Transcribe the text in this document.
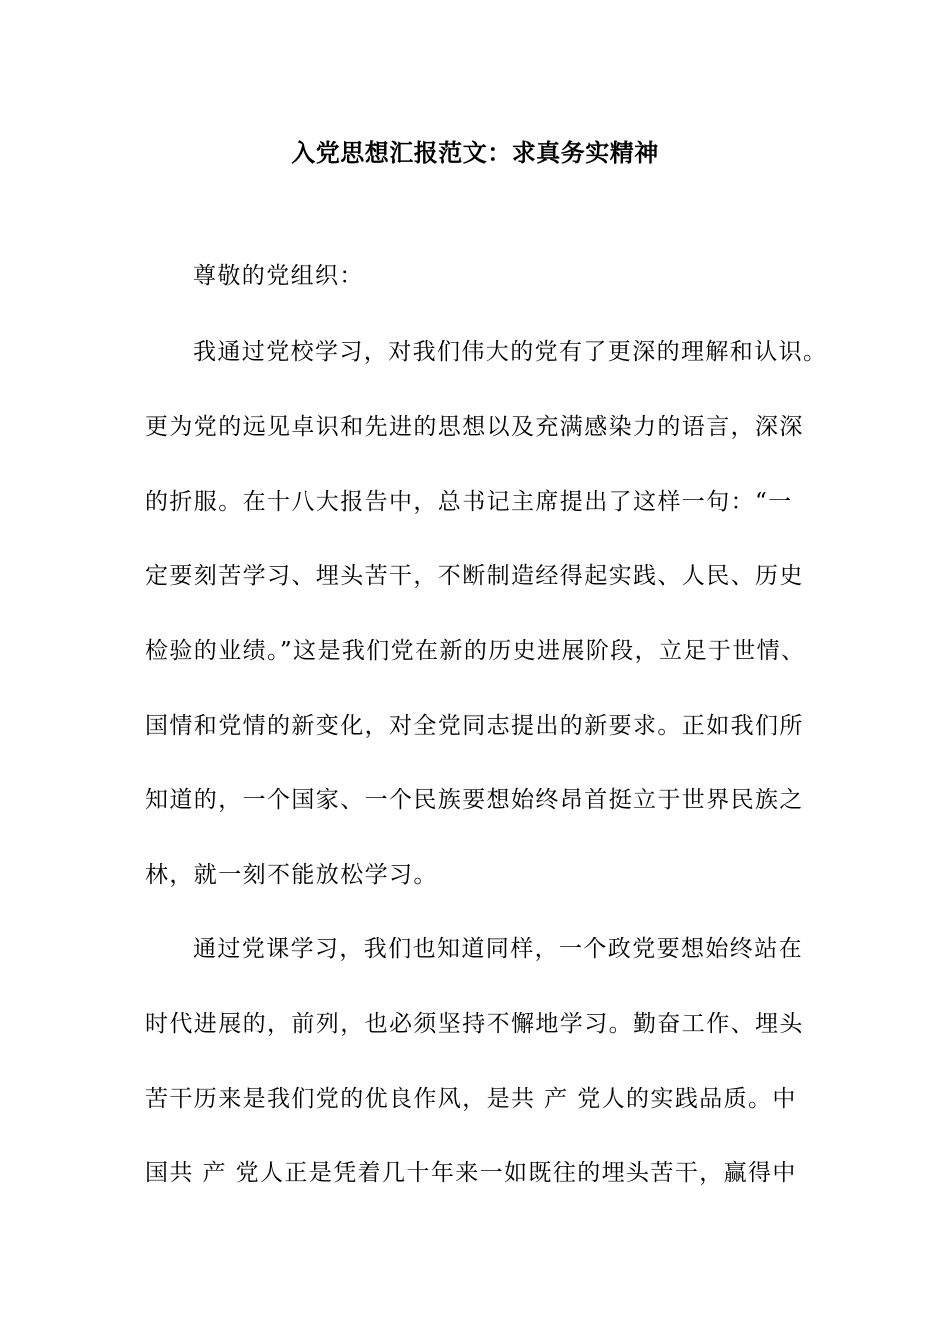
入党思想汇报范文：求真务实精神
尊敬的党组织：
我通过党校学习，对我们伟大的党有了更深的理解和认识。
更为党的远见卓识和先进的思想以及充满感染力的语言，深深
的折服。在十八大报告中，总书记主席提出了这样一句：“一
定要刻苦学习、埋头苦干，不断制造经得起实践、人民、历史
检验的业绩。”这是我们党在新的历史进展阶段，立足于世情、
国情和党情的新变化，对全党同志提出的新要求。正如我们所
知道的，一个国家、一个民族要想始终昂首挺立于世界民族之
林，就一刻不能放松学习。
通过党课学习，我们也知道同样，一个政党要想始终站在
时代进展的，前列，也必须坚持不懈地学习。勤奋工作、埋头
苦干历来是我们党的优良作风，是共 产 党人的实践品质。中
国共 产 党人正是凭着几十年来一如既往的埋头苦干，赢得中
